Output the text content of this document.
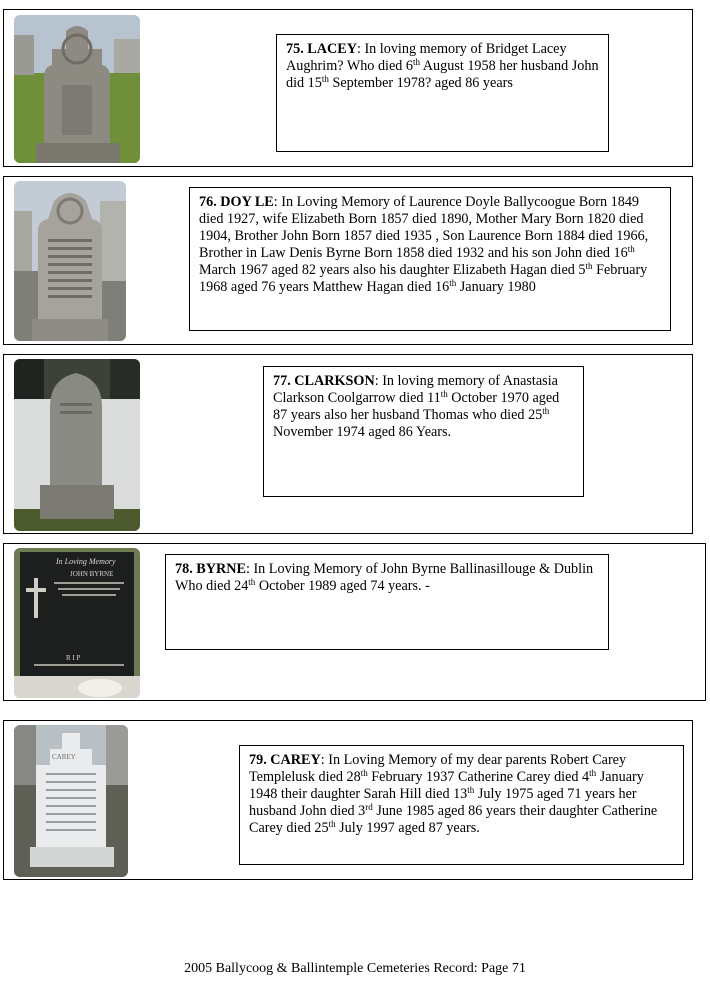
75. LACEY: In loving memory of Bridget Lacey Aughrim? Who died 6th August 1958 her husband John did 15th September 1978? aged 86 years
76. DOY LE: In Loving Memory of Laurence Doyle Ballycoogue Born 1849 died 1927, wife Elizabeth Born 1857 died 1890, Mother Mary Born 1820 died 1904, Brother John Born 1857 died 1935 , Son Laurence Born 1884 died 1966, Brother in Law Denis Byrne Born 1858 died 1932 and his son John died 16th March 1967 aged 82 years also his daughter Elizabeth Hagan died 5th February 1968 aged 76 years Matthew Hagan died 16th January 1980
77. CLARKSON: In loving memory of Anastasia Clarkson Coolgarrow died 11th October 1970 aged 87 years also her husband Thomas who died 25th November 1974 aged 86 Years.
In Loving Memory
JOHN BYRNE
R I P
78. BYRNE: In Loving Memory of John Byrne Ballinasillouge & Dublin Who died 24th October 1989 aged 74 years. -
CAREY	79. CAREY: In Loving Memory of my dear parents Robert Carey Templelusk died 28th February 1937 Catherine Carey died 4th January 1948 their daughter Sarah Hill died 13th July 1975 aged 71 years her husband John died 3rd June 1985 aged 86 years their daughter Catherine Carey died 25th July 1997 aged 87 years.
2005 Ballycoog & Ballintemple Cemeteries Record: Page 71
